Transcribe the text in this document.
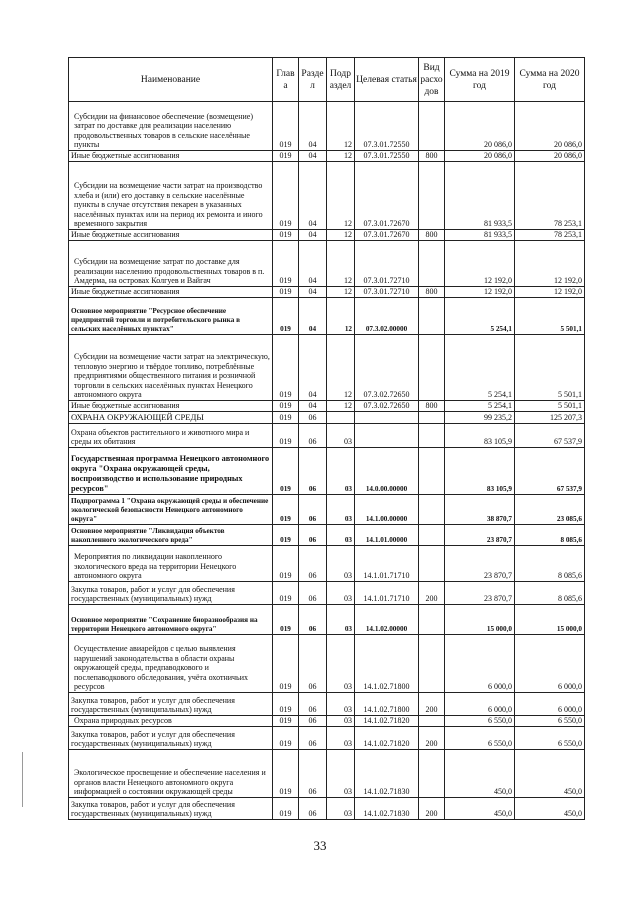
Наименование	Глав а	Разде л	Подр аздел	Целевая статья	Вид расхо дов	Сумма на 2019 год	Сумма на 2020 год
Субсидии на финансовое обеспечение (возмещение) затрат по доставке для реализации населению продовольственных товаров в сельские населённые пункты	019	04	12	07.3.01.72550		20 086,0	20 086,0
Иные бюджетные ассигнования	019	04	12	07.3.01.72550	800	20 086,0	20 086,0
Субсидии на возмещение части затрат на производство хлеба и (или) его доставку в сельские населённые пункты в случае отсутствия пекарен в указанных населённых пунктах или на период их ремонта и иного временного закрытия	019	04	12	07.3.01.72670		81 933,5	78 253,1
Иные бюджетные ассигнования	019	04	12	07.3.01.72670	800	81 933,5	78 253,1
Субсидии на возмещение затрат по доставке для реализации населению продовольственных товаров в п. Амдерма, на островах Колгуев и Вайгач	019	04	12	07.3.01.72710		12 192,0	12 192,0
Иные бюджетные ассигнования	019	04	12	07.3.01.72710	800	12 192,0	12 192,0
Основное мероприятие "Ресурсное обеспечение предприятий торговли и потребительского рынка в сельских населённых пунктах"	019	04	12	07.3.02.00000		5 254,1	5 501,1
Субсидии на возмещение части затрат на электрическую, тепловую энергию и твёрдое топливо, потреблённые предприятиями общественного питания и розничной торговли в сельских населённых пунктах Ненецкого автономного округа	019	04	12	07.3.02.72650		5 254,1	5 501,1
Иные бюджетные ассигнования	019	04	12	07.3.02.72650	800	5 254,1	5 501,1
ОХРАНА ОКРУЖАЮЩЕЙ СРЕДЫ	019	06				99 235,2	125 207,3
Охрана объектов растительного и животного мира и среды их обитания	019	06	03			83 105,9	67 537,9
Государственная программа Ненецкого автономного округа "Охрана окружающей среды, воспроизводство и использование природных ресурсов"	019	06	03	14.0.00.00000		83 105,9	67 537,9
Подпрограмма 1 "Охрана окружающей среды и обеспечение экологической безопасности Ненецкого автономного округа"	019	06	03	14.1.00.00000		38 870,7	23 085,6
Основное мероприятие "Ликвидация объектов накопленного экологического вреда"	019	06	03	14.1.01.00000		23 870,7	8 085,6
Мероприятия по ликвидации накопленного экологического вреда на территории Ненецкого автономного округа	019	06	03	14.1.01.71710		23 870,7	8 085,6
Закупка товаров, работ и услуг для обеспечения государственных (муниципальных) нужд	019	06	03	14.1.01.71710	200	23 870,7	8 085,6
Основное мероприятие "Сохранение биоразнообразия на территории Ненецкого автономного округа"	019	06	03	14.1.02.00000		15 000,0	15 000,0
Осуществление авиарейдов с целью выявления нарушений законодательства в области охраны окружающей среды, предпаводкового и послепаводкового обследования, учёта охотничьих ресурсов	019	06	03	14.1.02.71800		6 000,0	6 000,0
Закупка товаров, работ и услуг для обеспечения государственных (муниципальных) нужд	019	06	03	14.1.02.71800	200	6 000,0	6 000,0
Охрана природных ресурсов	019	06	03	14.1.02.71820		6 550,0	6 550,0
Закупка товаров, работ и услуг для обеспечения государственных (муниципальных) нужд	019	06	03	14.1.02.71820	200	6 550,0	6 550,0
Экологическое просвещение и обеспечение населения и органов власти Ненецкого автономного округа информацией о состоянии окружающей среды	019	06	03	14.1.02.71830		450,0	450,0
Закупка товаров, работ и услуг для обеспечения государственных (муниципальных) нужд	019	06	03	14.1.02.71830	200	450,0	450,0
33
